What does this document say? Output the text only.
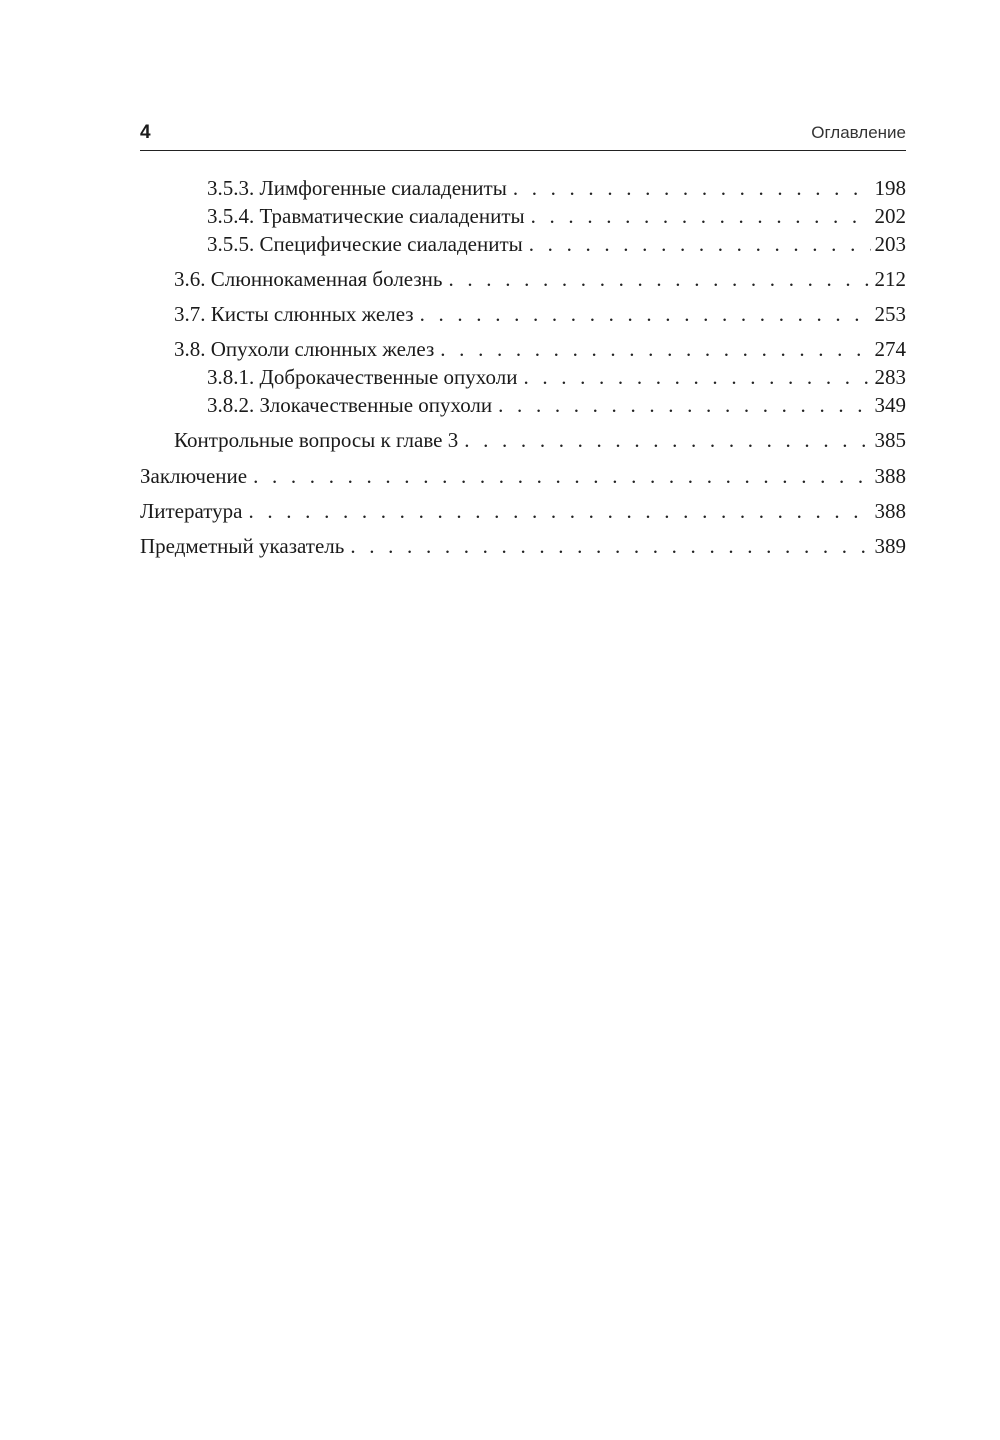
4	Оглавление
3.5.3. Лимфогенные сиаладениты . . .	198
3.5.4. Травматические сиаладениты . . .	202
3.5.5. Специфические сиаладениты . . .	203
3.6. Слюннокаменная болезнь . . .	212
3.7. Кисты слюнных желез . . .	253
3.8. Опухоли слюнных желез . . .	274
3.8.1. Доброкачественные опухоли . . .	283
3.8.2. Злокачественные опухоли . . .	349
Контрольные вопросы к главе 3 . . .	385
Заключение . . .	388
Литература . . .	388
Предметный указатель . . .	389
